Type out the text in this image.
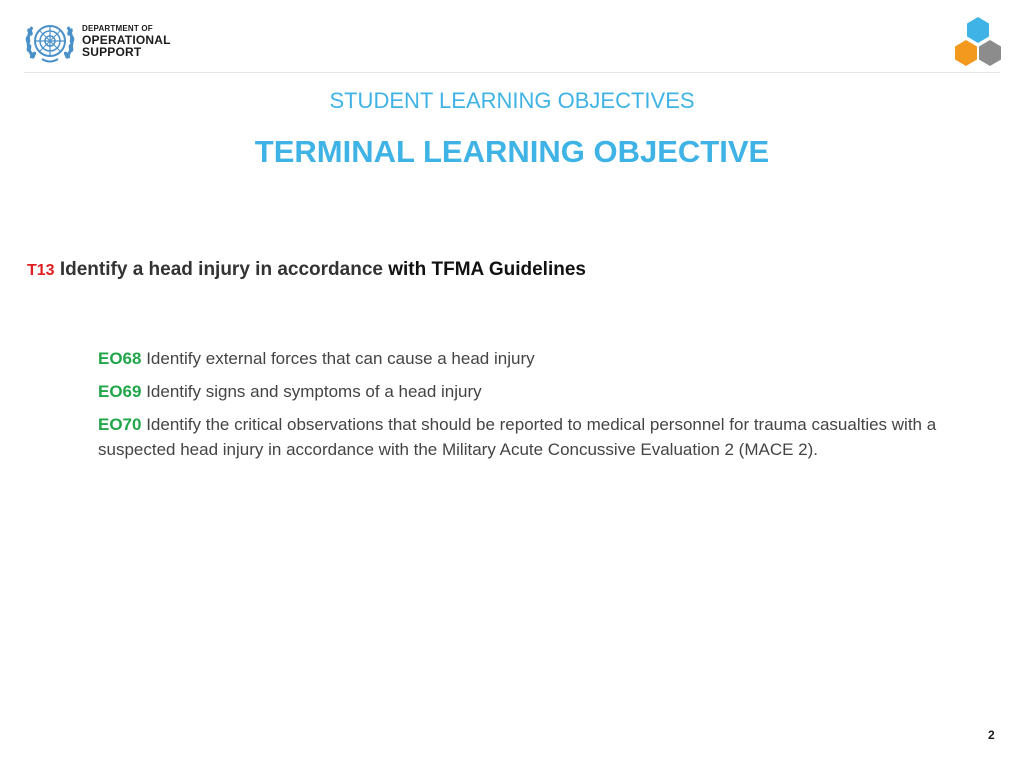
DEPARTMENT OF
OPERATIONAL
SUPPORT
STUDENT LEARNING OBJECTIVES
TERMINAL LEARNING OBJECTIVE
T13 Identify a head injury in accordance with TFMA Guidelines
EO68 Identify external forces that can cause a head injury
EO69 Identify signs and symptoms of a head injury
EO70 Identify the critical observations that should be reported to medical personnel for trauma casualties with a suspected head injury in accordance with the Military Acute Concussive Evaluation 2 (MACE 2).
2
